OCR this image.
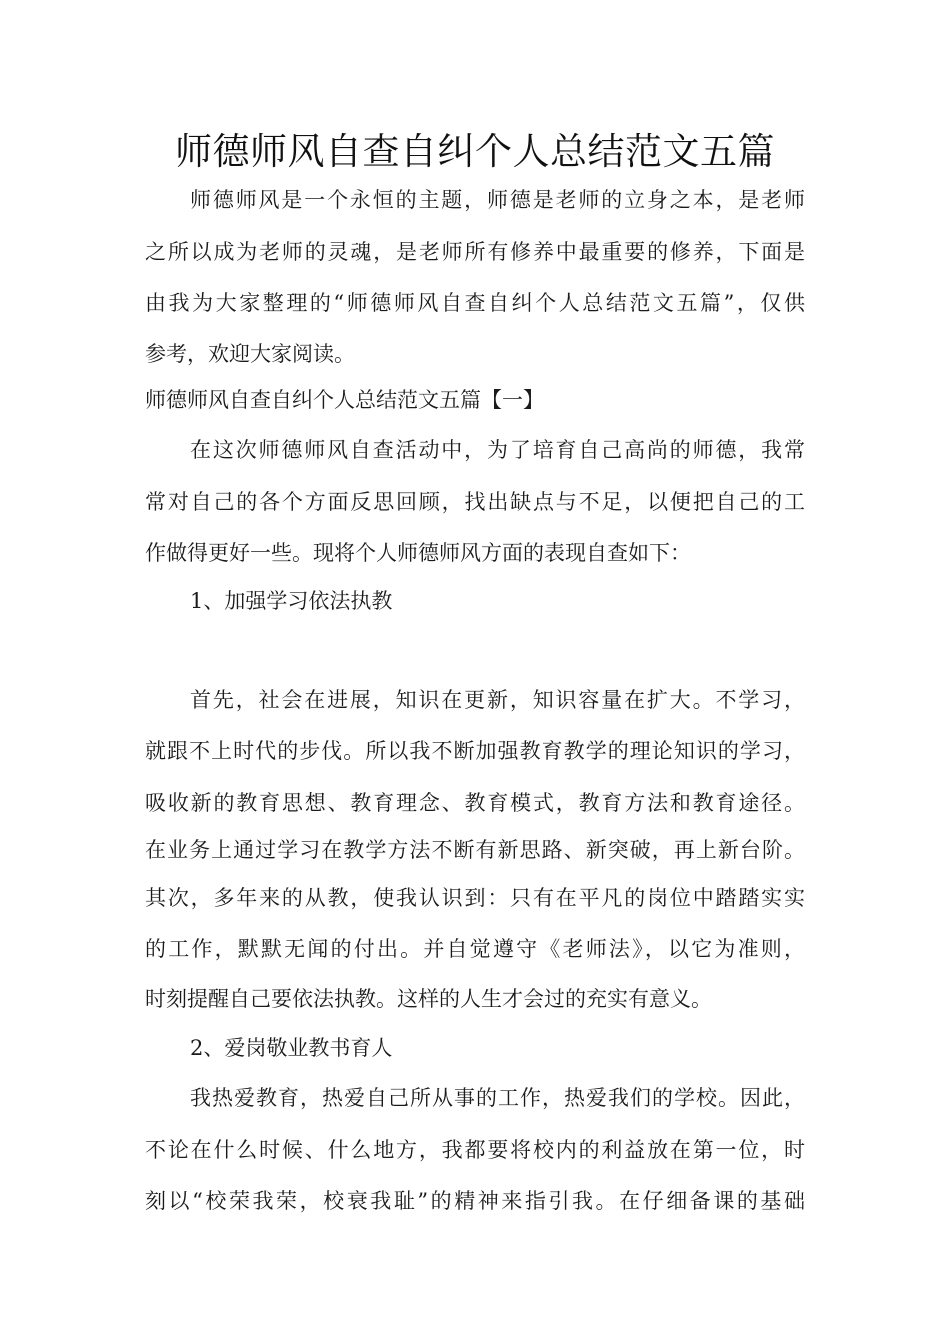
师德师风自查自纠个人总结范文五篇
师德师风是一个永恒的主题，师德是老师的立身之本，是老师
之所以成为老师的灵魂，是老师所有修养中最重要的修养，下面是
由我为大家整理的“师德师风自查自纠个人总结范文五篇”，仅供
参考，欢迎大家阅读。
师德师风自查自纠个人总结范文五篇【一】
在这次师德师风自查活动中，为了培育自己高尚的师德，我常
常对自己的各个方面反思回顾，找出缺点与不足，以便把自己的工
作做得更好一些。现将个人师德师风方面的表现自查如下：
1、加强学习依法执教
首先，社会在进展，知识在更新，知识容量在扩大。不学习，
就跟不上时代的步伐。所以我不断加强教育教学的理论知识的学习，
吸收新的教育思想、教育理念、教育模式，教育方法和教育途径。
在业务上通过学习在教学方法不断有新思路、新突破，再上新台阶。
其次，多年来的从教，使我认识到：只有在平凡的岗位中踏踏实实
的工作，默默无闻的付出。并自觉遵守《老师法》，以它为准则，
时刻提醒自己要依法执教。这样的人生才会过的充实有意义。
2、爱岗敬业教书育人
我热爱教育，热爱自己所从事的工作，热爱我们的学校。因此，
不论在什么时候、什么地方，我都要将校内的利益放在第一位，时
刻以“校荣我荣，校衰我耻”的精神来指引我。在仔细备课的基础
